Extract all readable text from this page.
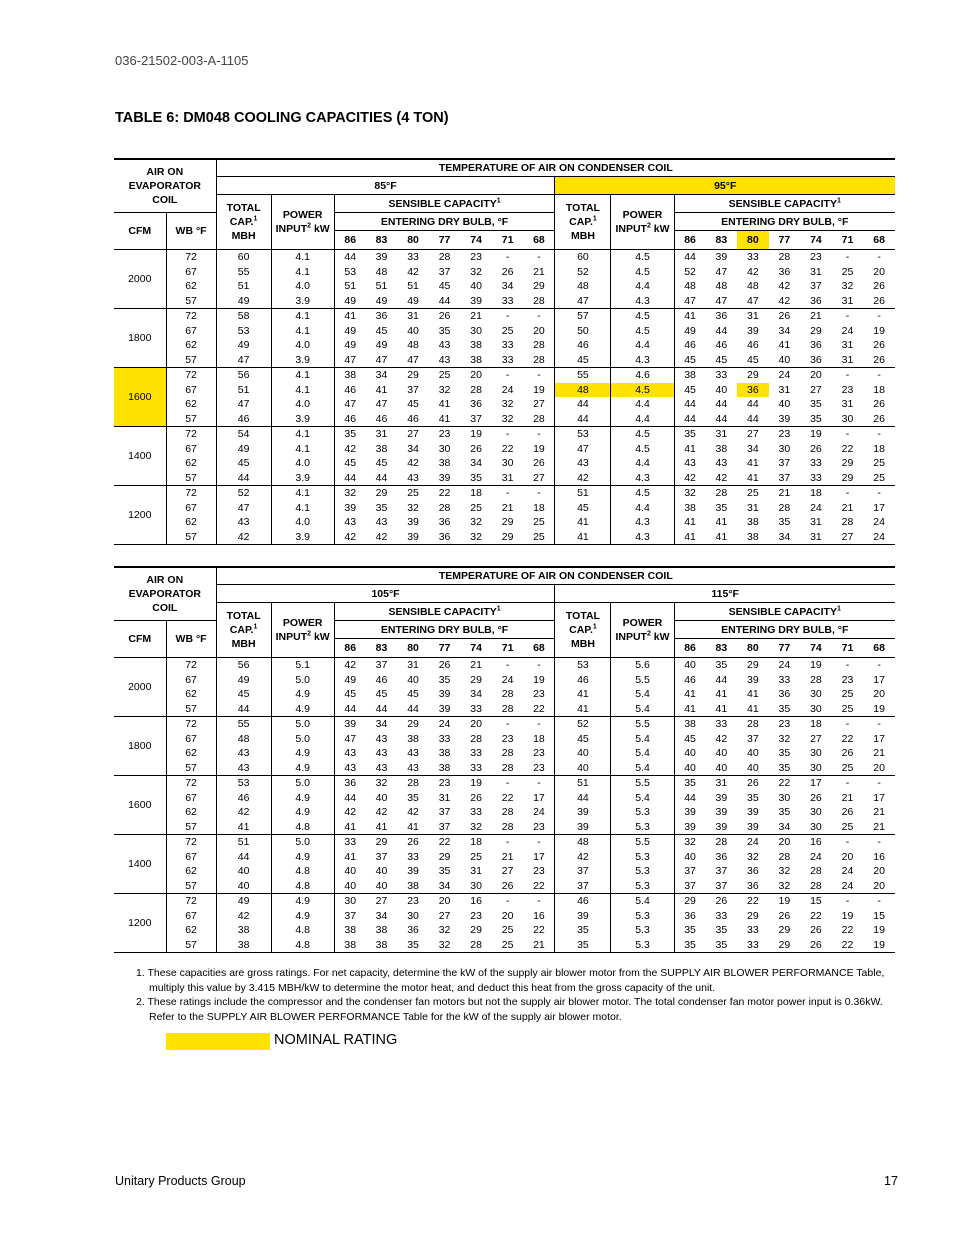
036-21502-003-A-1105
TABLE 6: DM048 COOLING CAPACITIES (4 TON)
AIR ON
EVAPORATOR
COIL		TEMPERATURE OF AIR ON CONDENSER COIL																	
		85°F									95°F								
		TOTAL
CAP.$^1$
MBH	POWER
INPUT$^2$ kW	SENSIBLE CAPACITY$^1$							TOTAL
CAP.$^1$
MBH	POWER
INPUT$^2$ kW	SENSIBLE CAPACITY$^1$
CFM	WB °F			ENTERING DRY BULB, °F									ENTERING DRY BULB, °F						
				86	83	80	77	74	71	68			86	83	80	77	74	71	68
2000	72	60	4.1	44	39	33	28	23	-	-	60	4.5	44	39	33	28	23	-	-
	67	55	4.1	53	48	42	37	32	26	21	52	4.5	52	47	42	36	31	25	20
	62	51	4.0	51	51	51	45	40	34	29	48	4.4	48	48	48	42	37	32	26
	57	49	3.9	49	49	49	44	39	33	28	47	4.3	47	47	47	42	36	31	26
1800	72	58	4.1	41	36	31	26	21	-	-	57	4.5	41	36	31	26	21	-	-
	67	53	4.1	49	45	40	35	30	25	20	50	4.5	49	44	39	34	29	24	19
	62	49	4.0	49	49	48	43	38	33	28	46	4.4	46	46	46	41	36	31	26
	57	47	3.9	47	47	47	43	38	33	28	45	4.3	45	45	45	40	36	31	26
1600	72	56	4.1	38	34	29	25	20	-	-	55	4.6	38	33	29	24	20	-	-
	67	51	4.1	46	41	37	32	28	24	19	48	4.5	45	40	36	31	27	23	18
	62	47	4.0	47	47	45	41	36	32	27	44	4.4	44	44	44	40	35	31	26
	57	46	3.9	46	46	46	41	37	32	28	44	4.4	44	44	44	39	35	30	26
1400	72	54	4.1	35	31	27	23	19	-	-	53	4.5	35	31	27	23	19	-	-
	67	49	4.1	42	38	34	30	26	22	19	47	4.5	41	38	34	30	26	22	18
	62	45	4.0	45	45	42	38	34	30	26	43	4.4	43	43	41	37	33	29	25
	57	44	3.9	44	44	43	39	35	31	27	42	4.3	42	42	41	37	33	29	25
1200	72	52	4.1	32	29	25	22	18	-	-	51	4.5	32	28	25	21	18	-	-
	67	47	4.1	39	35	32	28	25	21	18	45	4.4	38	35	31	28	24	21	17
	62	43	4.0	43	43	39	36	32	29	25	41	4.3	41	41	38	35	31	28	24
	57	42	3.9	42	42	39	36	32	29	25	41	4.3	41	41	38	34	31	27	24
AIR ON
EVAPORATOR
COIL		TEMPERATURE OF AIR ON CONDENSER COIL																	
		105°F									115°F								
		TOTAL
CAP.$^1$
MBH	POWER
INPUT$^2$ kW	SENSIBLE CAPACITY$^1$							TOTAL
CAP.$^1$
MBH	POWER
INPUT$^2$ kW	SENSIBLE CAPACITY$^1$
CFM	WB °F			ENTERING DRY BULB, °F									ENTERING DRY BULB, °F						
				86	83	80	77	74	71	68			86	83	80	77	74	71	68
2000	72	56	5.1	42	37	31	26	21	-	-	53	5.6	40	35	29	24	19	-	-
	67	49	5.0	49	46	40	35	29	24	19	46	5.5	46	44	39	33	28	23	17
	62	45	4.9	45	45	45	39	34	28	23	41	5.4	41	41	41	36	30	25	20
	57	44	4.9	44	44	44	39	33	28	22	41	5.4	41	41	41	35	30	25	19
1800	72	55	5.0	39	34	29	24	20	-	-	52	5.5	38	33	28	23	18	-	-
	67	48	5.0	47	43	38	33	28	23	18	45	5.4	45	42	37	32	27	22	17
	62	43	4.9	43	43	43	38	33	28	23	40	5.4	40	40	40	35	30	26	21
	57	43	4.9	43	43	43	38	33	28	23	40	5.4	40	40	40	35	30	25	20
1600	72	53	5.0	36	32	28	23	19	-	-	51	5.5	35	31	26	22	17	-	-
	67	46	4.9	44	40	35	31	26	22	17	44	5.4	44	39	35	30	26	21	17
	62	42	4.9	42	42	42	37	33	28	24	39	5.3	39	39	39	35	30	26	21
	57	41	4.8	41	41	41	37	32	28	23	39	5.3	39	39	39	34	30	25	21
1400	72	51	5.0	33	29	26	22	18	-	-	48	5.5	32	28	24	20	16	-	-
	67	44	4.9	41	37	33	29	25	21	17	42	5.3	40	36	32	28	24	20	16
	62	40	4.8	40	40	39	35	31	27	23	37	5.3	37	37	36	32	28	24	20
	57	40	4.8	40	40	38	34	30	26	22	37	5.3	37	37	36	32	28	24	20
1200	72	49	4.9	30	27	23	20	16	-	-	46	5.4	29	26	22	19	15	-	-
	67	42	4.9	37	34	30	27	23	20	16	39	5.3	36	33	29	26	22	19	15
	62	38	4.8	38	38	36	32	29	25	22	35	5.3	35	35	33	29	26	22	19
	57	38	4.8	38	38	35	32	28	25	21	35	5.3	35	35	33	29	26	22	19
1. These capacities are gross ratings. For net capacity, determine the kW of the supply air blower motor from the SUPPLY AIR BLOWER PERFORMANCE Table, multiply this value by 3.415 MBH/kW to determine the motor heat, and deduct this heat from the gross capacity of the unit.
2. These ratings include the compressor and the condenser fan motors but not the supply air blower motor. The total condenser fan motor power input is 0.36kW. Refer to the SUPPLY AIR BLOWER PERFORMANCE Table for the kW of the supply air blower motor.
NOMINAL RATING
Unitary Products Group	17
